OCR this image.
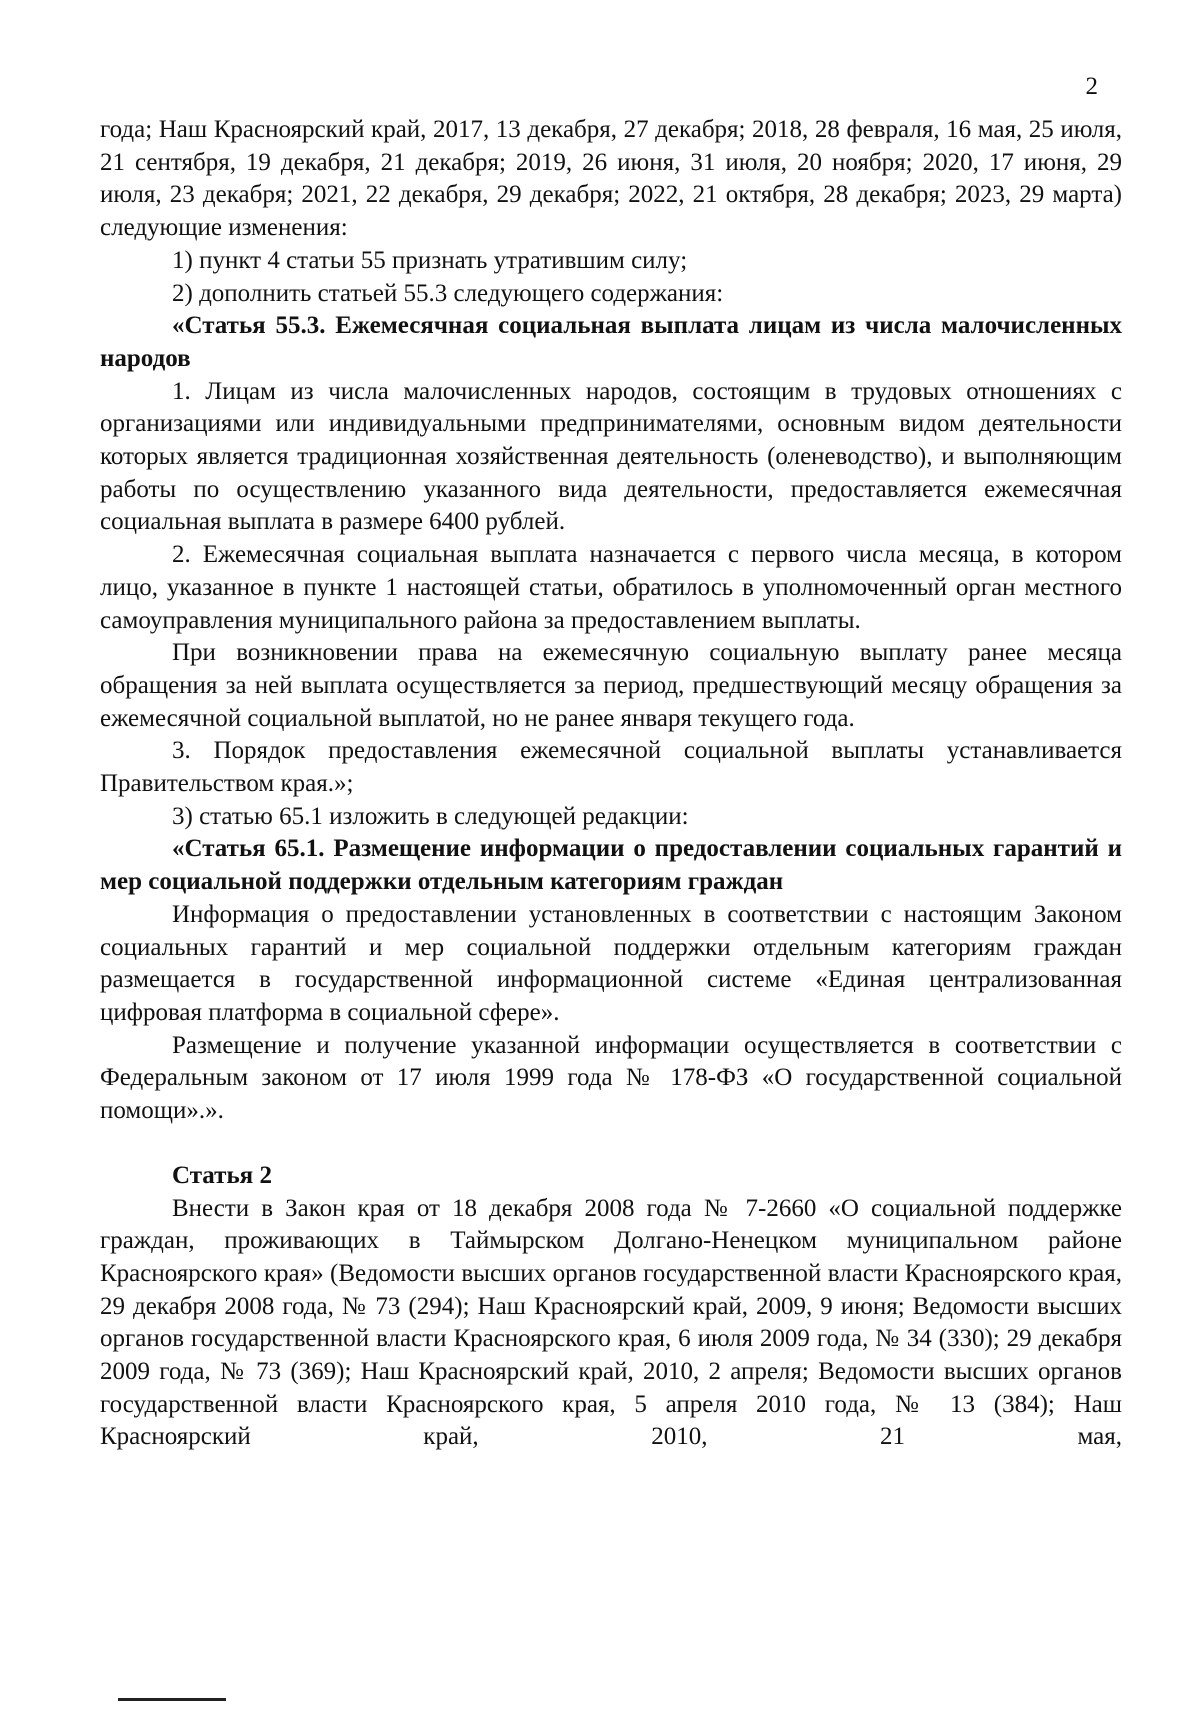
2

года; Наш Красноярский край, 2017, 13 декабря, 27 декабря; 2018, 28 февраля, 16 мая, 25 июля, 21 сентября, 19 декабря, 21 декабря; 2019, 26 июня, 31 июля, 20 ноября; 2020, 17 июня, 29 июля, 23 декабря; 2021, 22 декабря, 29 декабря; 2022, 21 октября, 28 декабря; 2023, 29 марта) следующие изменения:

1) пункт 4 статьи 55 признать утратившим силу;

2) дополнить статьей 55.3 следующего содержания:

«Статья 55.3. Ежемесячная социальная выплата лицам из числа малочисленных народов

1. Лицам из числа малочисленных народов, состоящим в трудовых отношениях с организациями или индивидуальными предпринимателями, основным видом деятельности которых является традиционная хозяйственная деятельность (оленеводство), и выполняющим работы по осуществлению указанного вида деятельности, предоставляется ежемесячная социальная выплата в размере 6400 рублей.

2. Ежемесячная социальная выплата назначается с первого числа месяца, в котором лицо, указанное в пункте 1 настоящей статьи, обратилось в уполномоченный орган местного самоуправления муниципального района за предоставлением выплаты.

При возникновении права на ежемесячную социальную выплату ранее месяца обращения за ней выплата осуществляется за период, предшествующий месяцу обращения за ежемесячной социальной выплатой, но не ранее января текущего года.

3. Порядок предоставления ежемесячной социальной выплаты устанавливается Правительством края.»;

3) статью 65.1 изложить в следующей редакции:

«Статья 65.1. Размещение информации о предоставлении социальных гарантий и мер социальной поддержки отдельным категориям граждан

Информация о предоставлении установленных в соответствии с настоящим Законом социальных гарантий и мер социальной поддержки отдельным категориям граждан размещается в государственной информационной системе «Единая централизованная цифровая платформа в социальной сфере».

Размещение и получение указанной информации осуществляется в соответствии с Федеральным законом от 17 июля 1999 года № 178-ФЗ «О государственной социальной помощи».».

Статья 2

Внести в Закон края от 18 декабря 2008 года № 7-2660 «О социальной поддержке граждан, проживающих в Таймырском Долгано-Ненецком муниципальном районе Красноярского края» (Ведомости высших органов государственной власти Красноярского края, 29 декабря 2008 года, № 73 (294); Наш Красноярский край, 2009, 9 июня; Ведомости высших органов государственной власти Красноярского края, 6 июля 2009 года, № 34 (330); 29 декабря 2009 года, № 73 (369); Наш Красноярский край, 2010, 2 апреля; Ведомости высших органов государственной власти Красноярского края, 5 апреля 2010 года, № 13 (384); Наш Красноярский край, 2010, 21 мая,
